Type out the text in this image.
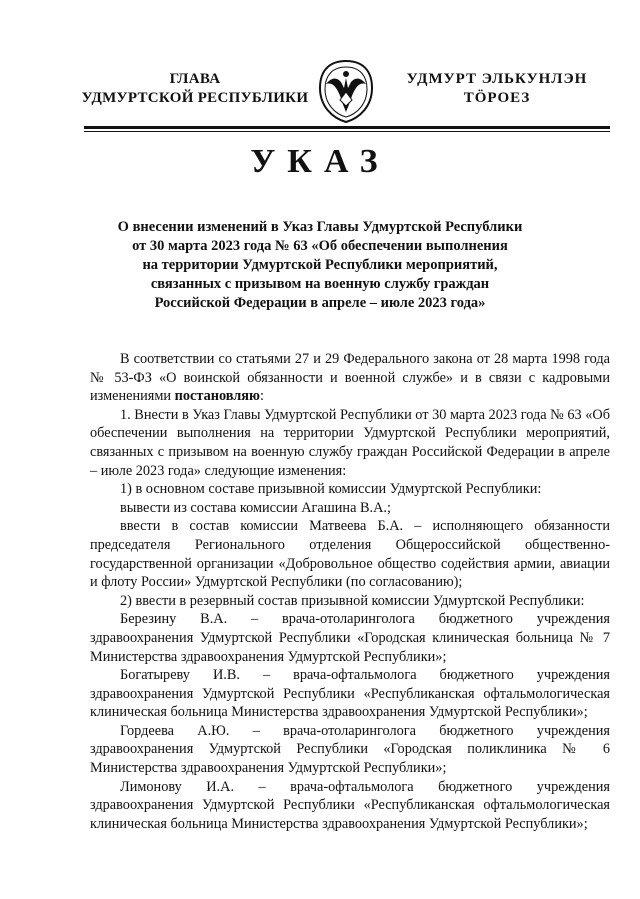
ГЛАВА
УДМУРТСКОЙ РЕСПУБЛИКИ
УДМУРТ ЭЛЬКУНЛЭН
ТӦРОЕЗ
УКАЗ
О внесении изменений в Указ Главы Удмуртской Республики
от 30 марта 2023 года № 63 «Об обеспечении выполнения
на территории Удмуртской Республики мероприятий,
связанных с призывом на военную службу граждан
Российской Федерации в апреле – июле 2023 года»

В соответствии со статьями 27 и 29 Федерального закона от 28 марта 1998 года № 53-ФЗ «О воинской обязанности и военной службе» и в связи с кадровыми изменениями постановляю:

1. Внести в Указ Главы Удмуртской Республики от 30 марта 2023 года № 63 «Об обеспечении выполнения на территории Удмуртской Республики мероприятий, связанных с призывом на военную службу граждан Российской Федерации в апреле – июле 2023 года» следующие изменения:

1) в основном составе призывной комиссии Удмуртской Республики:

вывести из состава комиссии Агашина В.А.;

ввести в состав комиссии Матвеева Б.А. – исполняющего обязанности председателя Регионального отделения Общероссийской общественно-государственной организации «Добровольное общество содействия армии, авиации и флоту России» Удмуртской Республики (по согласованию);

2) ввести в резервный состав призывной комиссии Удмуртской Республики:

Березину В.А. – врача-отоларинголога бюджетного учреждения здравоохранения Удмуртской Республики «Городская клиническая больница № 7 Министерства здравоохранения Удмуртской Республики»;

Богатыреву И.В. – врача-офтальмолога бюджетного учреждения здравоохранения Удмуртской Республики «Республиканская офтальмологическая клиническая больница Министерства здравоохранения Удмуртской Республики»;

Гордеева А.Ю. – врача-отоларинголога бюджетного учреждения здравоохранения Удмуртской Республики «Городская поликлиника № 6 Министерства здравоохранения Удмуртской Республики»;

Лимонову И.А. – врача-офтальмолога бюджетного учреждения здравоохранения Удмуртской Республики «Республиканская офтальмологическая клиническая больница Министерства здравоохранения Удмуртской Республики»;
